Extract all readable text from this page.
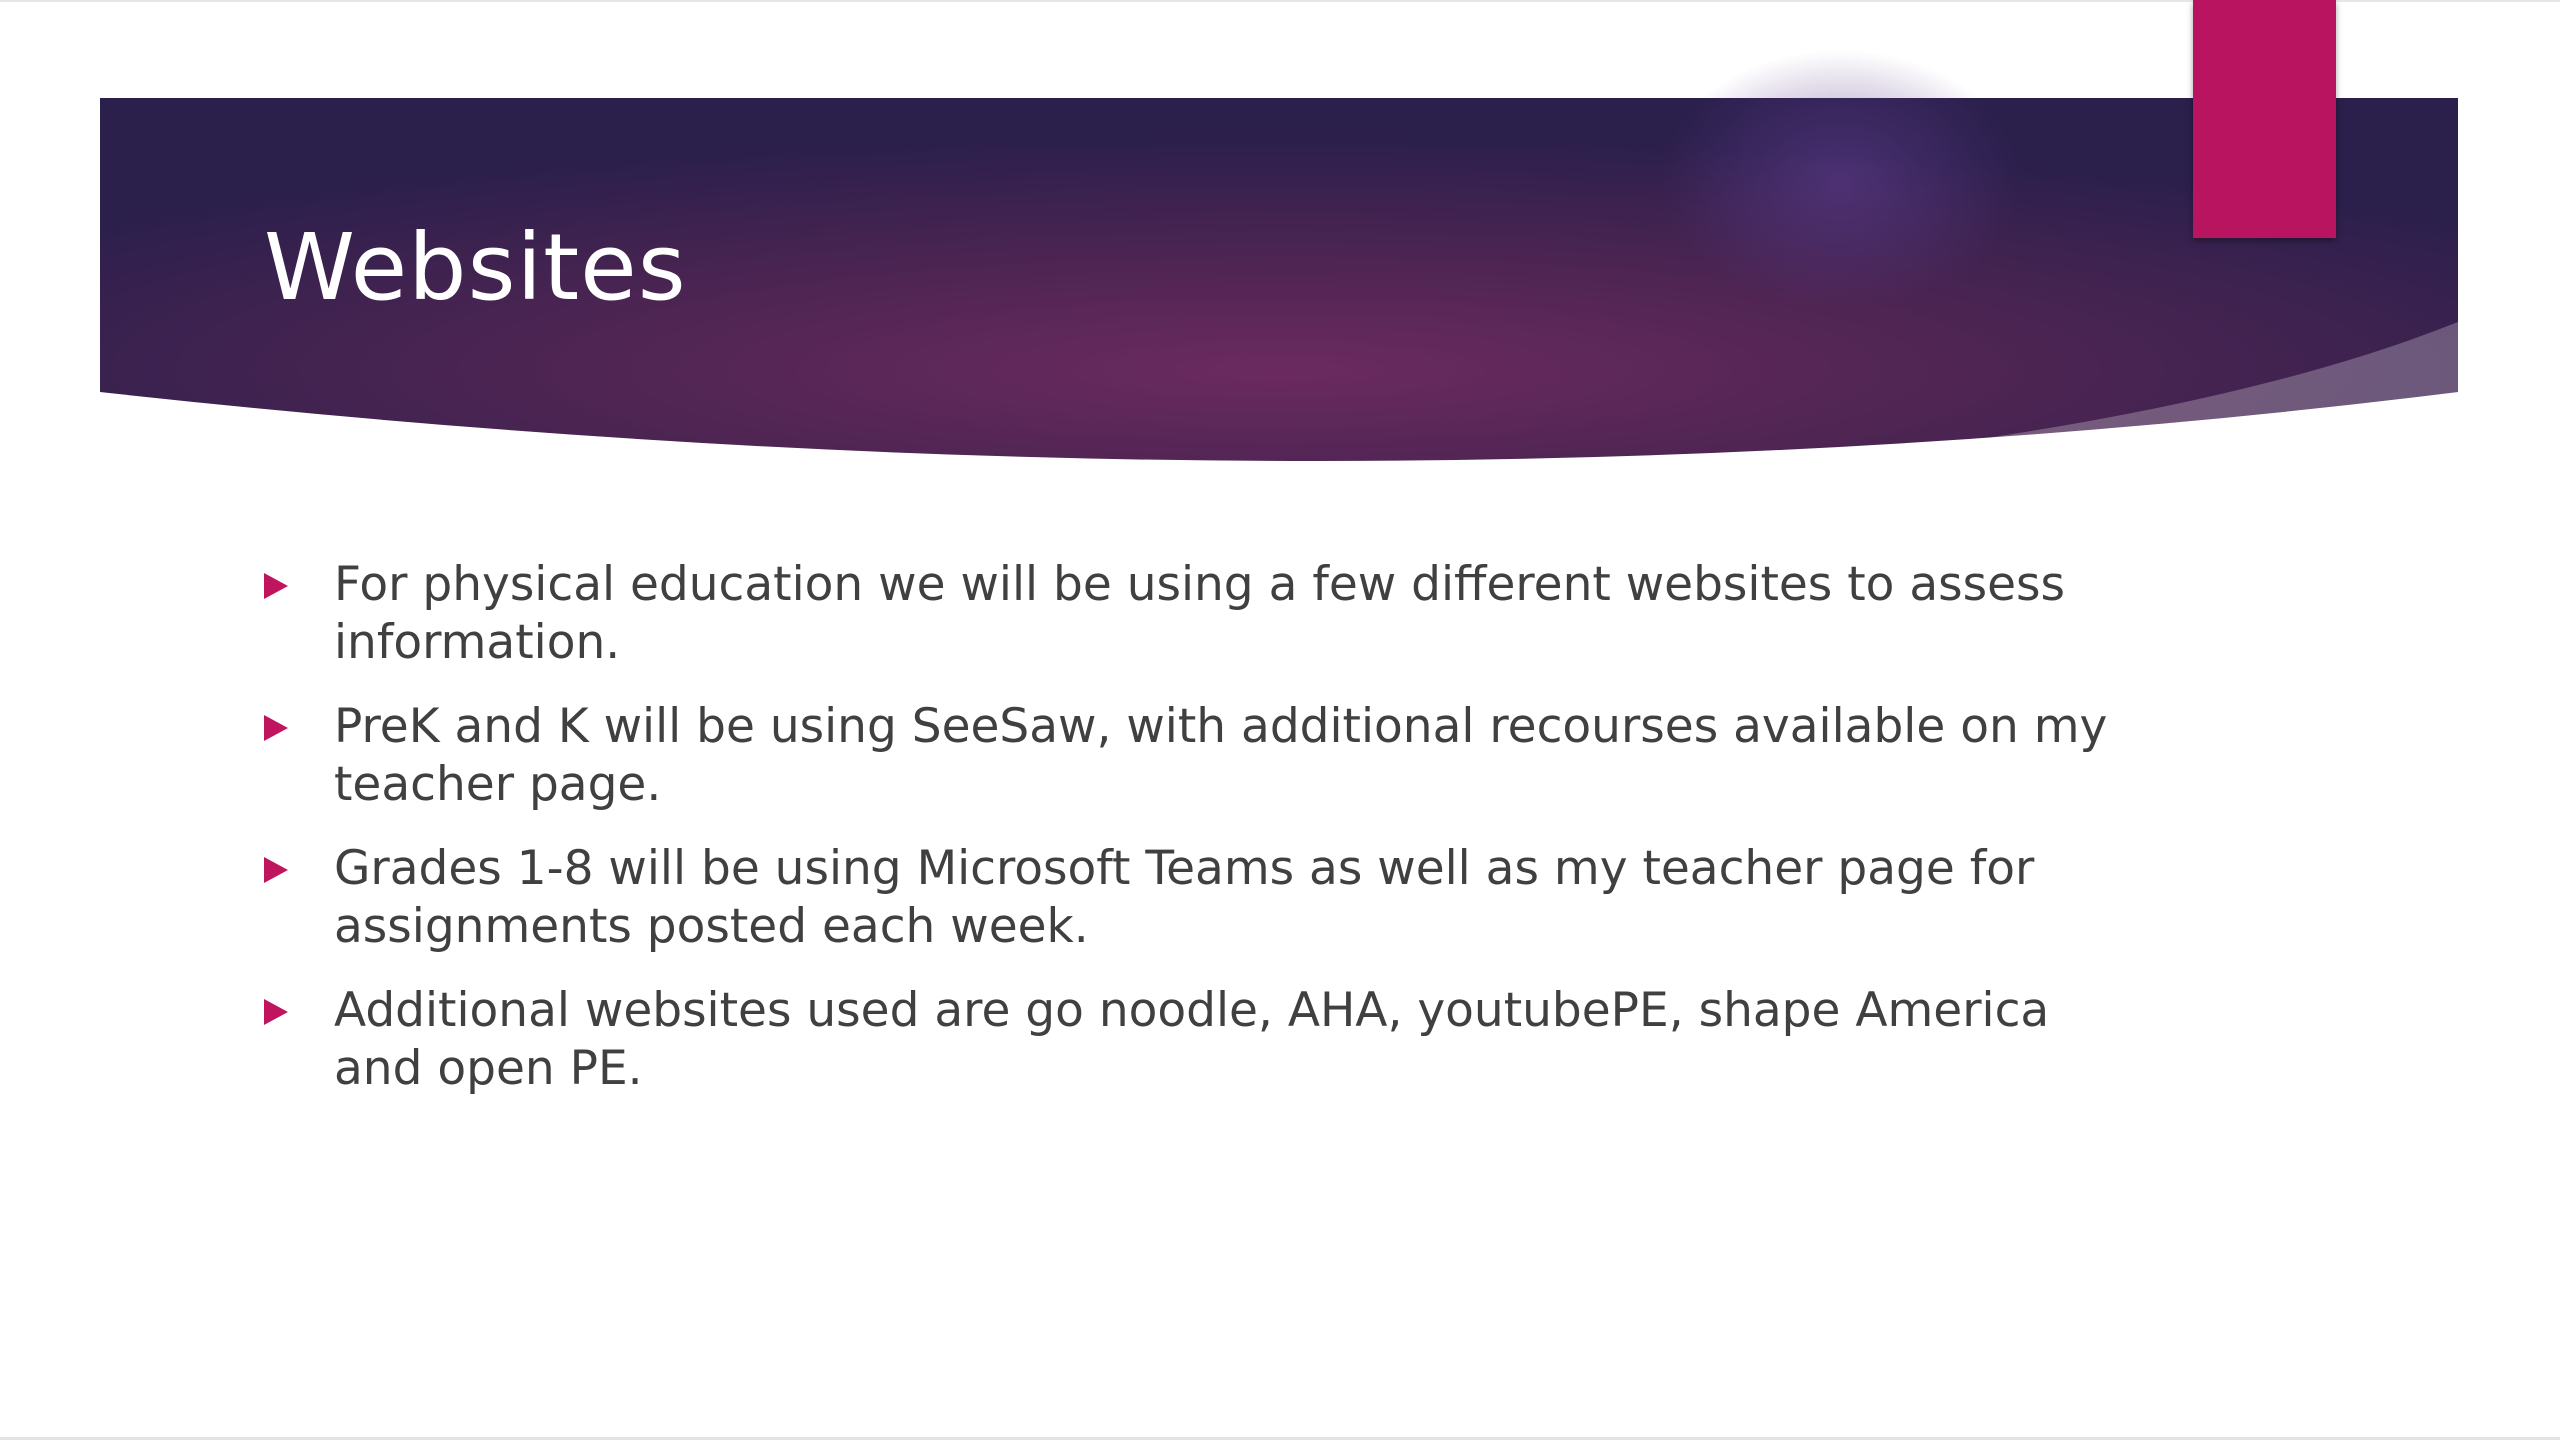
Websites
For physical education we will be using a few different websites to assess information.
PreK and K will be using SeeSaw, with additional recourses available on my teacher page.
Grades 1-8 will be using Microsoft Teams as well as my teacher page for assignments posted each week.
Additional websites used are go noodle, AHA, youtubePE, shape America and open PE.
